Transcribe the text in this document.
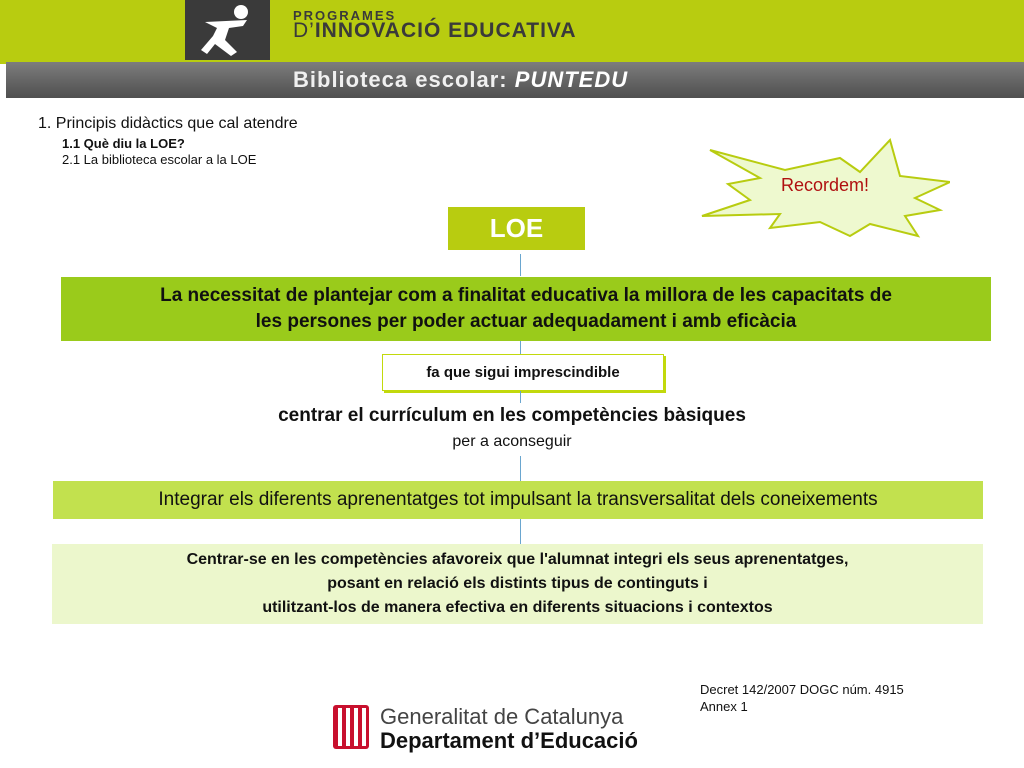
PROGRAMES
D’INNOVACIÓ EDUCATIVA
Biblioteca escolar: PUNTEDU
1. Principis didàctics que cal atendre
1.1 Què diu la LOE?
2.1 La biblioteca escolar a la LOE
Recordem!
LOE
La necessitat de plantejar com a finalitat educativa la millora de les capacitats de
les persones per poder actuar adequadament i amb eficàcia
fa que sigui imprescindible
centrar el currículum en les competències bàsiques
per a aconseguir
Integrar els diferents aprenentatges tot impulsant la transversalitat dels coneixements
Centrar-se en les competències afavoreix que l'alumnat integri els seus aprenentatges,
posant en relació els distints tipus de continguts i
utilitzant-los de manera efectiva en diferents situacions i contextos
Decret 142/2007 DOGC núm. 4915
Annex 1
Generalitat de Catalunya
Departament d’Educació
